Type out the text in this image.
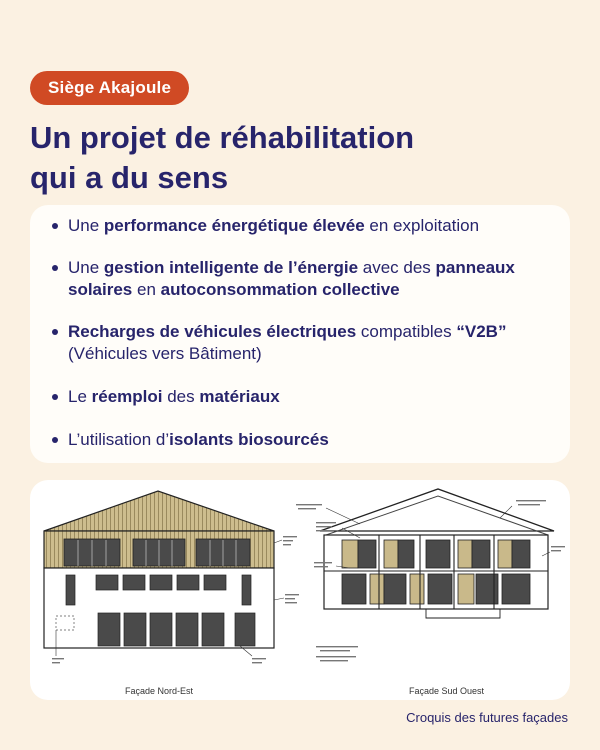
Siège Akajoule
Un projet de réhabilitation
qui a du sens
Une performance énergétique élevée en exploitation
Une gestion intelligente de l’énergie avec des panneaux solaires en autoconsommation collective
Recharges de véhicules électriques compatibles “V2B” (Véhicules vers Bâtiment)
Le réemploi des matériaux
L’utilisation d’isolants biosourcés
Façade Nord-Est	Façade Sud Ouest
Croquis des futures façades
